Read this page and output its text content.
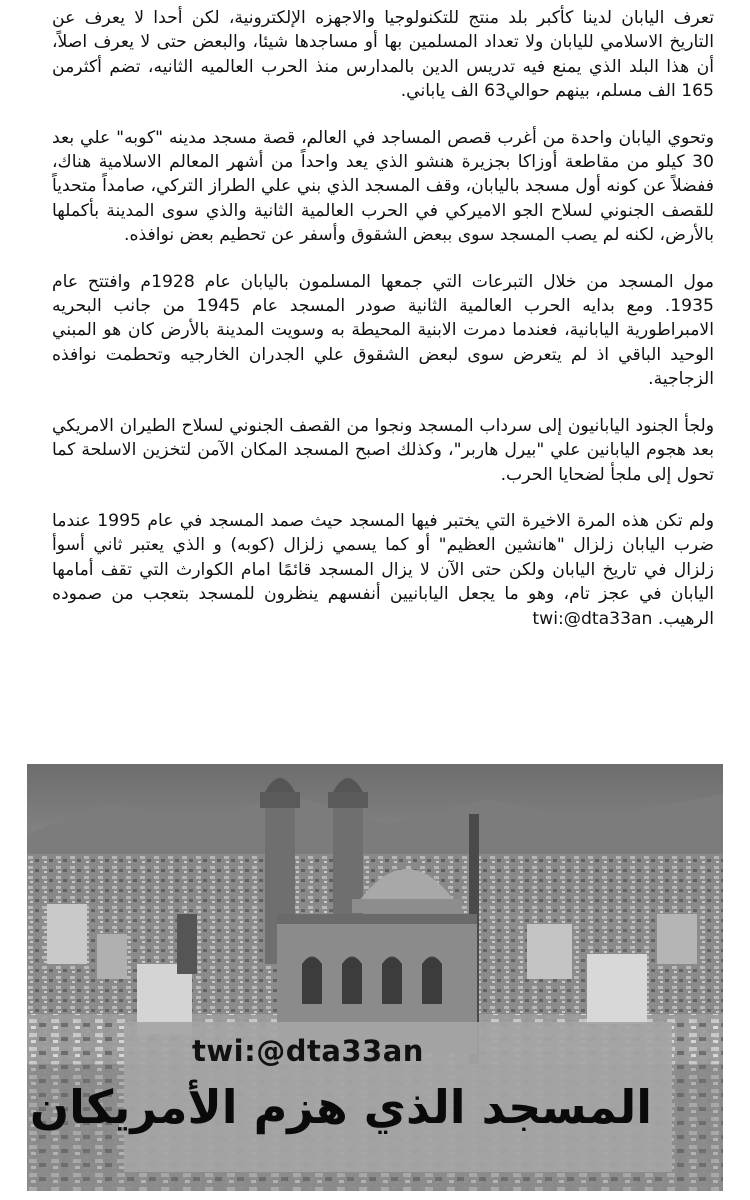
تعرف اليابان لدينا كأكبر بلد منتج للتكنولوجيا والاجهزه الإلكترونية، لكن أحدا لا يعرف عن التاريخ الاسلامي لليابان ولا تعداد المسلمين بها أو مساجدها شيئا، والبعض حتى لا يعرف اصلاً، أن هذا البلد الذي يمنع فيه تدريس الدين بالمدارس منذ الحرب العالميه الثانيه، تضم أكثرمن 165 الف مسلم، بينهم حوالي63 الف ياباني.

وتحوي اليابان واحدة من أغرب قصص المساجد في العالم، قصة مسجد مدينه "كوبه" علي بعد 30 كيلو من مقاطعة أوزاكا بجزيرة هنشو الذي يعد واحداً من أشهر المعالم الاسلامية هناك، ففضلاً عن كونه أول مسجد باليابان، وقف المسجد الذي بني علي الطراز التركي، صامداً متحدياً للقصف الجنوني لسلاح الجو الاميركي في الحرب العالمية الثانية والذي سوى المدينة بأكملها بالأرض، لكنه لم يصب المسجد سوى ببعض الشقوق وأسفر عن تحطيم بعض نوافذه.

مول المسجد من خلال التبرعات التي جمعها المسلمون باليابان عام 1928م وافتتح عام 1935. ومع بدايه الحرب العالمية الثانية صودر المسجد عام 1945 من جانب البحريه الامبراطورية اليابانية، فعندما دمرت الابنية المحيطة به وسويت المدينة بالأرض كان هو المبني الوحيد الباقي اذ لم يتعرض سوى لبعض الشقوق علي الجدران الخارجيه وتحطمت نوافذه الزجاجية.

ولجأ الجنود اليابانيون إلى سرداب المسجد ونجوا من القصف الجنوني لسلاح الطيران الامريكي بعد هجوم اليابانين علي "بيرل هاربر"، وكذلك اصبح المسجد المكان الآمن لتخزين الاسلحة كما تحول إلى ملجأ لضحايا الحرب.

ولم تكن هذه المرة الاخيرة التي يختبر فيها المسجد حيث صمد المسجد في عام 1995 عندما ضرب اليابان زلزال "هانشين العظيم" أو كما يسمي زلزال (كوبه) و الذي يعتبر ثاني أسوأ زلزال في تاريخ اليابان ولكن حتى الآن لا يزال المسجد قائمًا امام الكوارث التي تقف أمامها اليابان في عجز تام، وهو ما يجعل اليابانيين أنفسهم ينظرون للمسجد بتعجب من صموده الرهيب. twi:@dta33an

twi:@dta33an
المسجد الذي هزم الأمريكان
